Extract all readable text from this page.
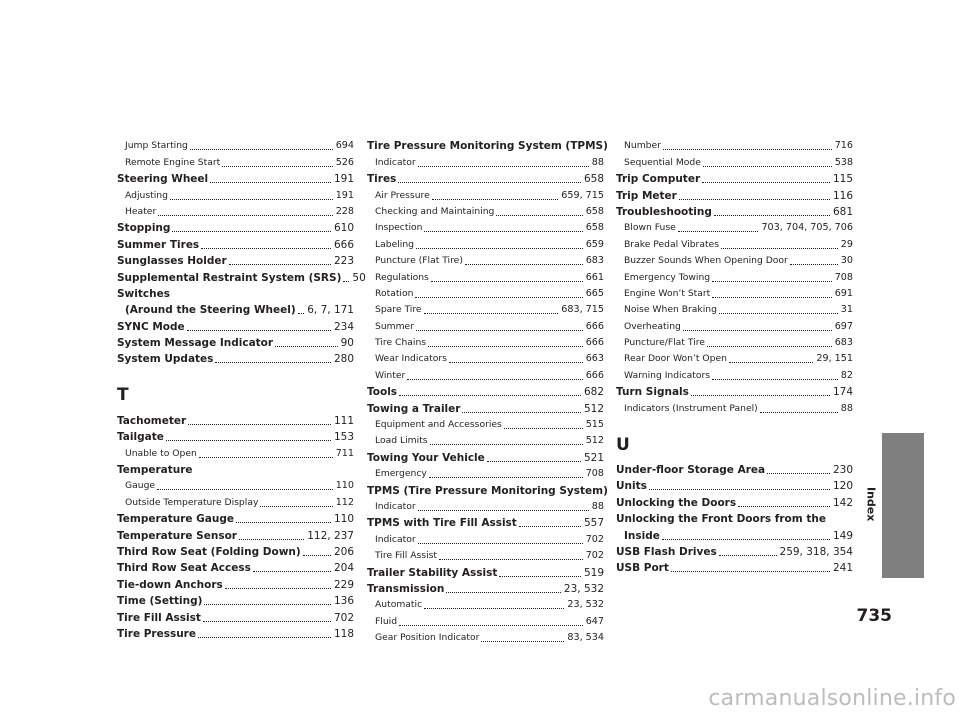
Jump Starting	694
Remote Engine Start	526
Steering Wheel	191
Adjusting	191
Heater	228
Stopping	610
Summer Tires	666
Sunglasses Holder	223
Supplemental Restraint System (SRS) 50
Switches
(Around the Steering Wheel) 6, 7, 171
SYNC Mode	234
System Message Indicator	90
System Updates	280
T
Tachometer	111
Tailgate	153
Unable to Open	711
Temperature
Gauge	110
Outside Temperature Display	112
Temperature Gauge	110
Temperature Sensor	112, 237
Third Row Seat (Folding Down)	206
Third Row Seat Access	204
Tie-down Anchors	229
Time (Setting)	136
Tire Fill Assist	702
Tire Pressure	118
Tire Pressure Monitoring System (TPMS)
Indicator	88
Tires	658
Air Pressure	659, 715
Checking and Maintaining	658
Inspection	658
Labeling	659
Puncture (Flat Tire)	683
Regulations	661
Rotation	665
Spare Tire	683, 715
Summer	666
Tire Chains	666
Wear Indicators	663
Winter	666
Tools	682
Towing a Trailer	512
Equipment and Accessories	515
Load Limits	512
Towing Your Vehicle	521
Emergency	708
TPMS (Tire Pressure Monitoring System)
Indicator	88
TPMS with Tire Fill Assist	557
Indicator	702
Tire Fill Assist	702
Trailer Stability Assist	519
Transmission	23, 532
Automatic	23, 532
Fluid	647
Gear Position Indicator	83, 534
Number	716
Sequential Mode	538
Trip Computer	115
Trip Meter	116
Troubleshooting	681
Blown Fuse	703, 704, 705, 706
Brake Pedal Vibrates	29
Buzzer Sounds When Opening Door	30
Emergency Towing	708
Engine Won’t Start	691
Noise When Braking	31
Overheating	697
Puncture/Flat Tire	683
Rear Door Won’t Open	29, 151
Warning Indicators	82
Turn Signals	174
Indicators (Instrument Panel)	88
U
Under-floor Storage Area	230
Units	120
Unlocking the Doors	142
Unlocking the Front Doors from the
Inside	149
USB Flash Drives	259, 318, 354
USB Port	241
Index
735
carmanualsonline.info
